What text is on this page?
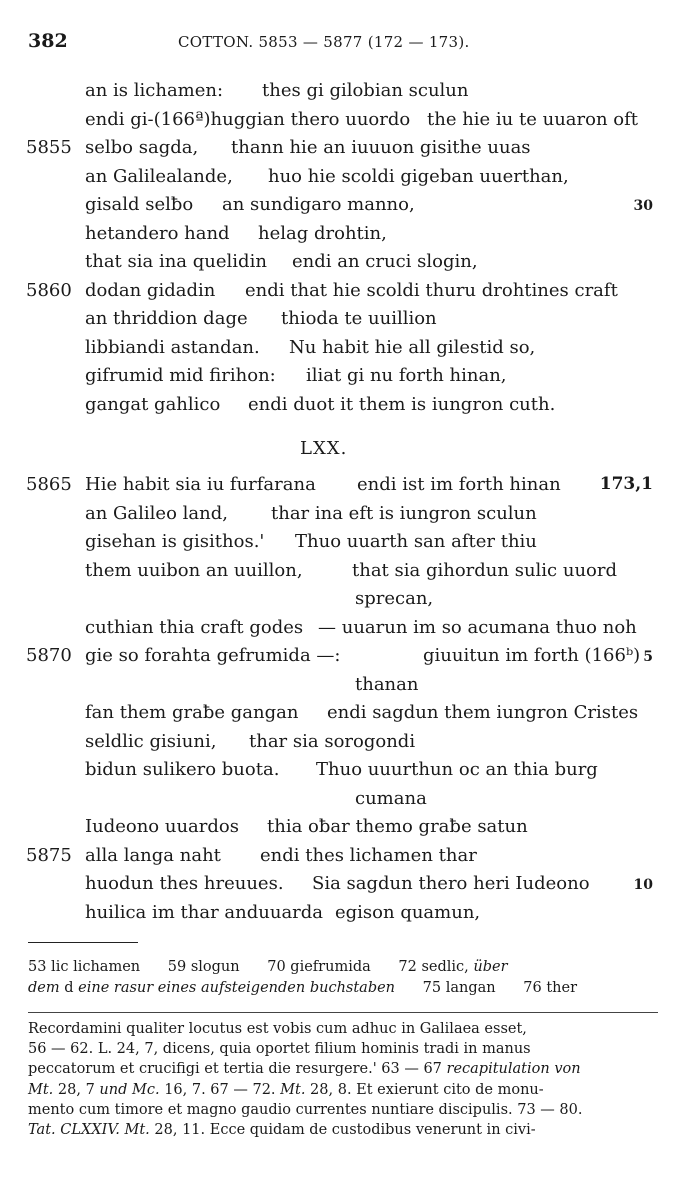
382	COTTON. 5853 — 5877 (172 — 173).
an is lichamen: thes gi gilobian sculun
endi gi-(166ª)huggian thero uuordo the hie iu te uuaron oft
5855 selbo sagda, thann hie an iuuuon gisithe uuas
an Galilealande, huo hie scoldi gigeban uuerthan,
gisald selƀo an sundigaro manno,	30
hetandero hand helag drohtin,
that sia ina quelidin endi an cruci slogin,
5860 dodan gidadin endi that hie scoldi thuru drohtines craft
an thriddion dage thioda te uuillion
libbiandi astandan. Nu habit hie all gilestid so,
gifrumid mid firihon: iliat gi nu forth hinan,
gangat gahlico endi duot it them is iungron cuth.
LXX.
5865 Hie habit sia iu furfarana endi ist im forth hinan 173,1
an Galileo land, thar ina eft is iungron sculun
gisehan is gisithos.' Thuo uuarth san after thiu
them uuibon an uuillon,	that sia gihordun sulic uuord
sprecan,
cuthian thia craft godes — uuarun im so acumana thuo noh
5870 gie so forahta gefrumida —:	giuuitun im forth (166ᵇ) 5
thanan
fan them graƀe gangan endi sagdun them iungron Cristes
seldlic gisiuni, thar sia sorogondi
bidun sulikero buota. Thuo uuurthun oc an thia burg
cumana
Iudeono uuardos thia oƀar themo graƀe satun
5875 alla langa naht endi thes lichamen thar
huodun thes hreuues. Sia sagdun thero heri Iudeono	10
huilica im thar anduuarda egison quamun,
53 lic lichamen      59 slogun      70 giefrumida      72 sedlic, über
dem d eine rasur eines aufsteigenden buchstaben      75 langan      76 ther
Recordamini qualiter locutus est vobis cum adhuc in Galilaea esset,
56 — 62. L. 24, 7, dicens, quia oportet filium hominis tradi in manus
peccatorum et crucifigi et tertia die resurgere.' 63 — 67 recapitulation von
Mt. 28, 7 und Mc. 16, 7. 67 — 72. Mt. 28, 8. Et exierunt cito de monu-
mento cum timore et magno gaudio currentes nuntiare discipulis. 73 — 80.
Tat. CLXXIV. Mt. 28, 11. Ecce quidam de custodibus venerunt in civi-
